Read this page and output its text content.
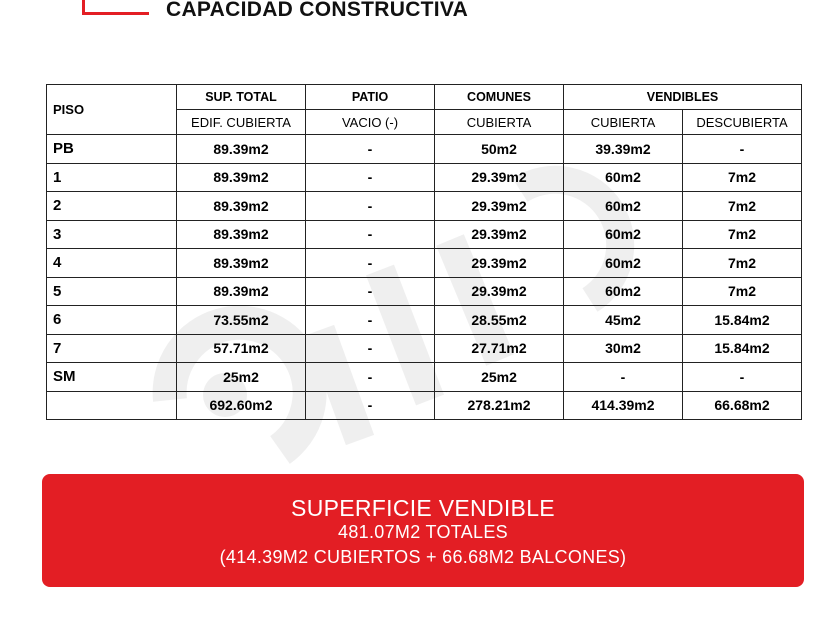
CAPACIDAD CONSTRUCTIVA
PISO	SUP. TOTAL	PATIO	COMUNES	VENDIBLES	
	EDIF. CUBIERTA	VACIO (-)	CUBIERTA	CUBIERTA	DESCUBIERTA
PB	89.39m2	-	50m2	39.39m2	-
1	89.39m2	-	29.39m2	60m2	7m2
2	89.39m2	-	29.39m2	60m2	7m2
3	89.39m2	-	29.39m2	60m2	7m2
4	89.39m2	-	29.39m2	60m2	7m2
5	89.39m2	-	29.39m2	60m2	7m2
6	73.55m2	-	28.55m2	45m2	15.84m2
7	57.71m2	-	27.71m2	30m2	15.84m2
SM	25m2	-	25m2	-	-
	692.60m2	-	278.21m2	414.39m2	66.68m2
SUPERFICIE VENDIBLE
481.07M2 TOTALES
(414.39M2 CUBIERTOS + 66.68M2 BALCONES)
